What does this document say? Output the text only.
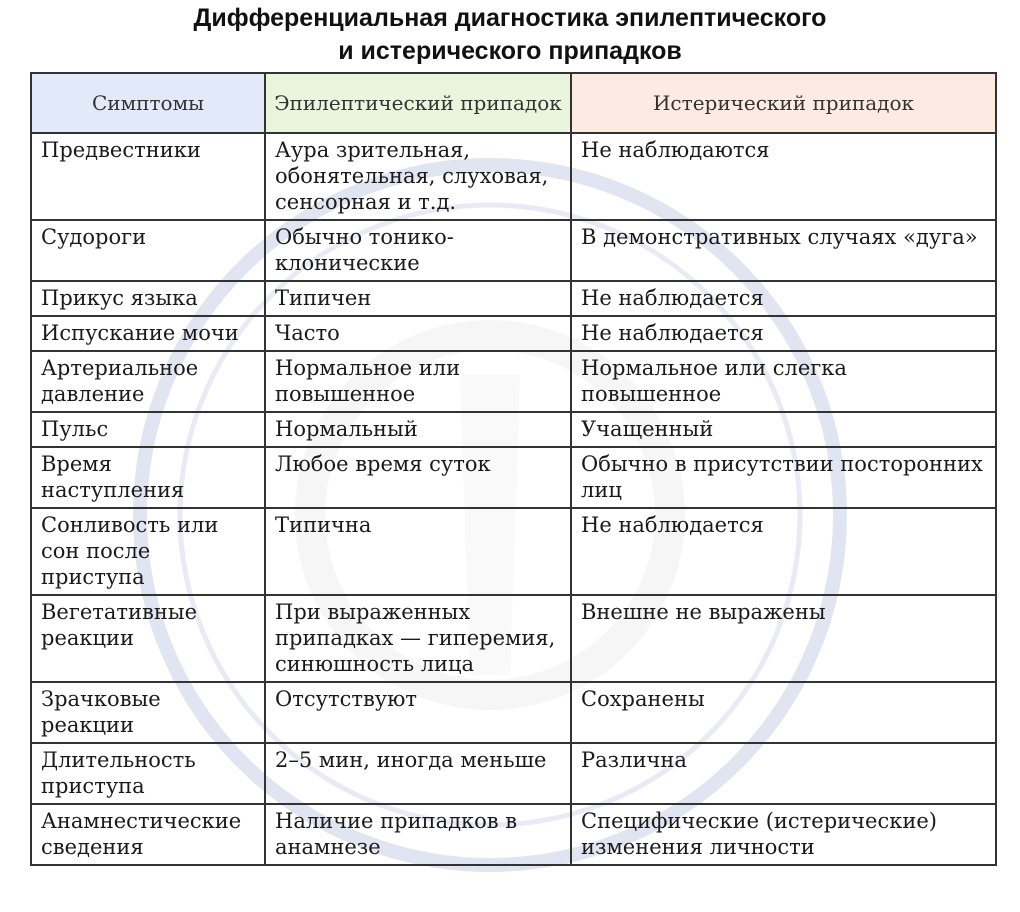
Дифференциальная диагностика эпилептического
и истерического припадков
Симптомы	Эпилептический припадок	Истерический припадок
Предвестники	Аура зрительная, обонятельная, слуховая, сенсорная и т.д.	Не наблюдаются
Судороги	Обычно тонико-клонические	В демонстративных случаях «дуга»
Прикус языка	Типичен	Не наблюдается
Испускание мочи	Часто	Не наблюдается
Артериальное давление	Нормальное или повышенное	Нормальное или слегка повышенное
Пульс	Нормальный	Учащенный
Время наступления	Любое время суток	Обычно в присутствии посторонних лиц
Сонливость или сон после приступа	Типична	Не наблюдается
Вегетативные реакции	При выраженных припадках — гиперемия, синюшность лица	Внешне не выражены
Зрачковые реакции	Отсутствуют	Сохранены
Длительность приступа	2–5 мин, иногда меньше	Различна
Анамнестические сведения	Наличие припадков в анамнезе	Специфические (истерические) изменения личности
